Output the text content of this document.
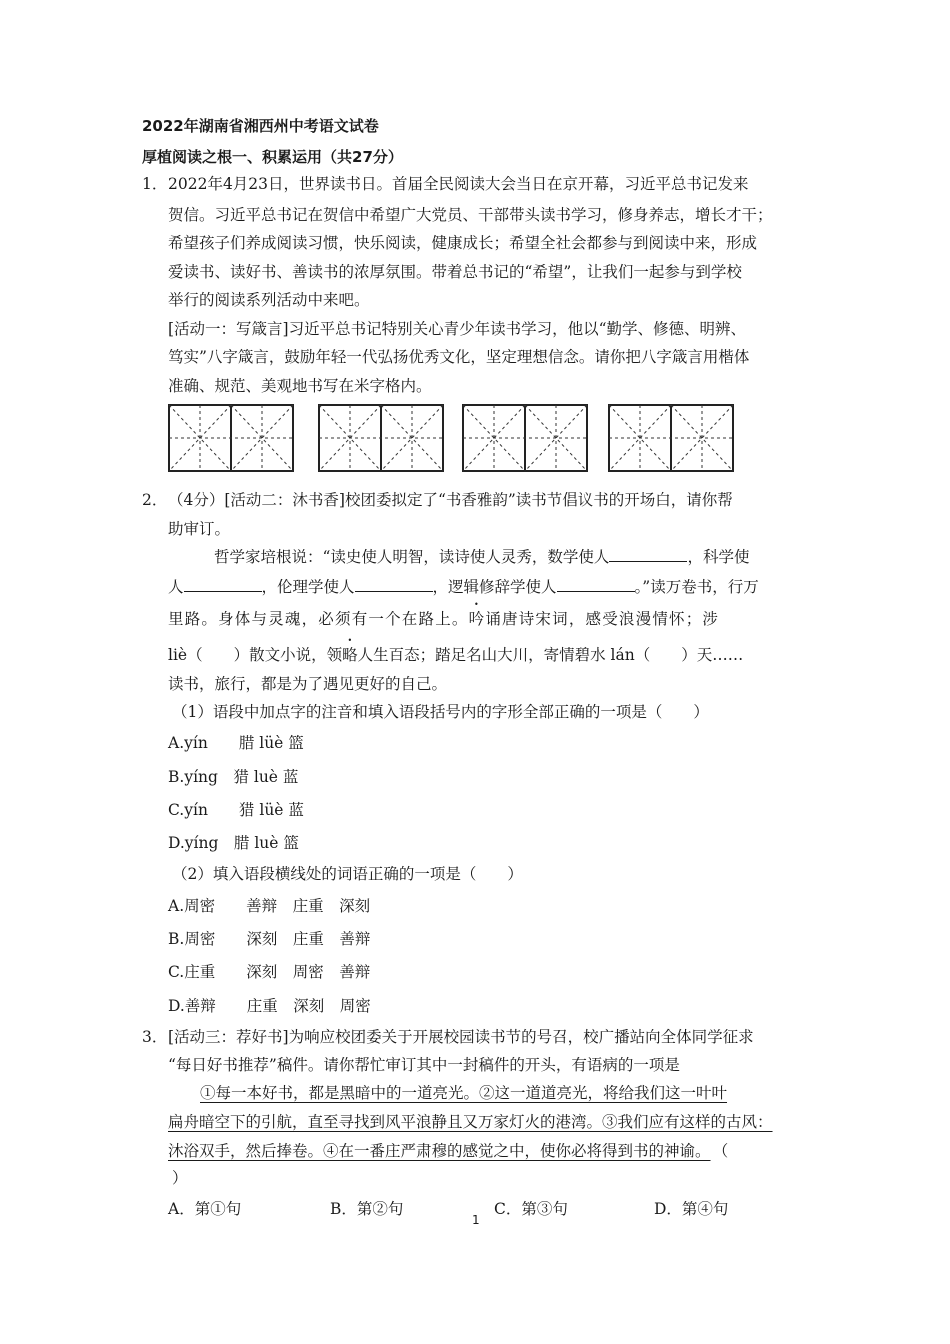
2022年湖南省湘西州中考语文试卷
厚植阅读之根一、积累运用（共27分）
1． 2022年4月23日，世界读书日。首届全民阅读大会当日在京开幕，习近平总书记发来
贺信。习近平总书记在贺信中希望广大党员、干部带头读书学习，修身养志，增长才干；
希望孩子们养成阅读习惯，快乐阅读，健康成长；希望全社会都参与到阅读中来，形成
爱读书、读好书、善读书的浓厚氛围。带着总书记的“希望”，让我们一起参与到学校
举行的阅读系列活动中来吧。
[活动一：写箴言]习近平总书记特别关心青少年读书学习，他以“勤学、修德、明辨、
笃实”八字箴言，鼓励年轻一代弘扬优秀文化，坚定理想信念。请你把八字箴言用楷体
准确、规范、美观地书写在米字格内。
2． （4分）[活动二：沐书香]校团委拟定了“书香雅韵”读书节倡议书的开场白，请你帮
助审订。
哲学家培根说：“读史使人明智，读诗使人灵秀，数学使人	，科学使
人	，伦理学使人	，逻辑修辞学使人	。”读万卷书，行万
里路。身体与灵魂，必须有一个在路上。吟诵唐诗宋词，感受浪漫情怀；涉
liè（　　）散文小说，领略人生百态；踏足名山大川，寄情碧水 lán（　　）天……
读书，旅行，都是为了遇见更好的自己。
（1）语段中加点字的注音和填入语段括号内的字形全部正确的一项是（　　）
A.yín　　腊 lüè 篮
B.yíng　猎 luè 蓝
C.yín　　猎 lüè 蓝
D.yíng　腊 luè 篮
（2）填入语段横线处的词语正确的一项是（　　）
A.周密　　善辩　庄重　深刻
B.周密　　深刻　庄重　善辩
C.庄重　　深刻　周密　善辩
D.善辩　　庄重　深刻　周密
3． [活动三：荐好书]为响应校团委关于开展校园读书节的号召，校广播站向全体同学征求
“每日好书推荐”稿件。请你帮忙审订其中一封稿件的开头，有语病的一项是
①每一本好书，都是黑暗中的一道亮光。②这一道道亮光，将给我们这一叶叶
扁舟暗空下的引航，直至寻找到风平浪静且又万家灯火的港湾。③我们应有这样的古风：
沐浴双手，然后捧卷。④在一番庄严肃穆的感觉之中，使你必将得到书的神谕。 （
）
A．第①句	B．第②句	C．第③句	D．第④句
1
